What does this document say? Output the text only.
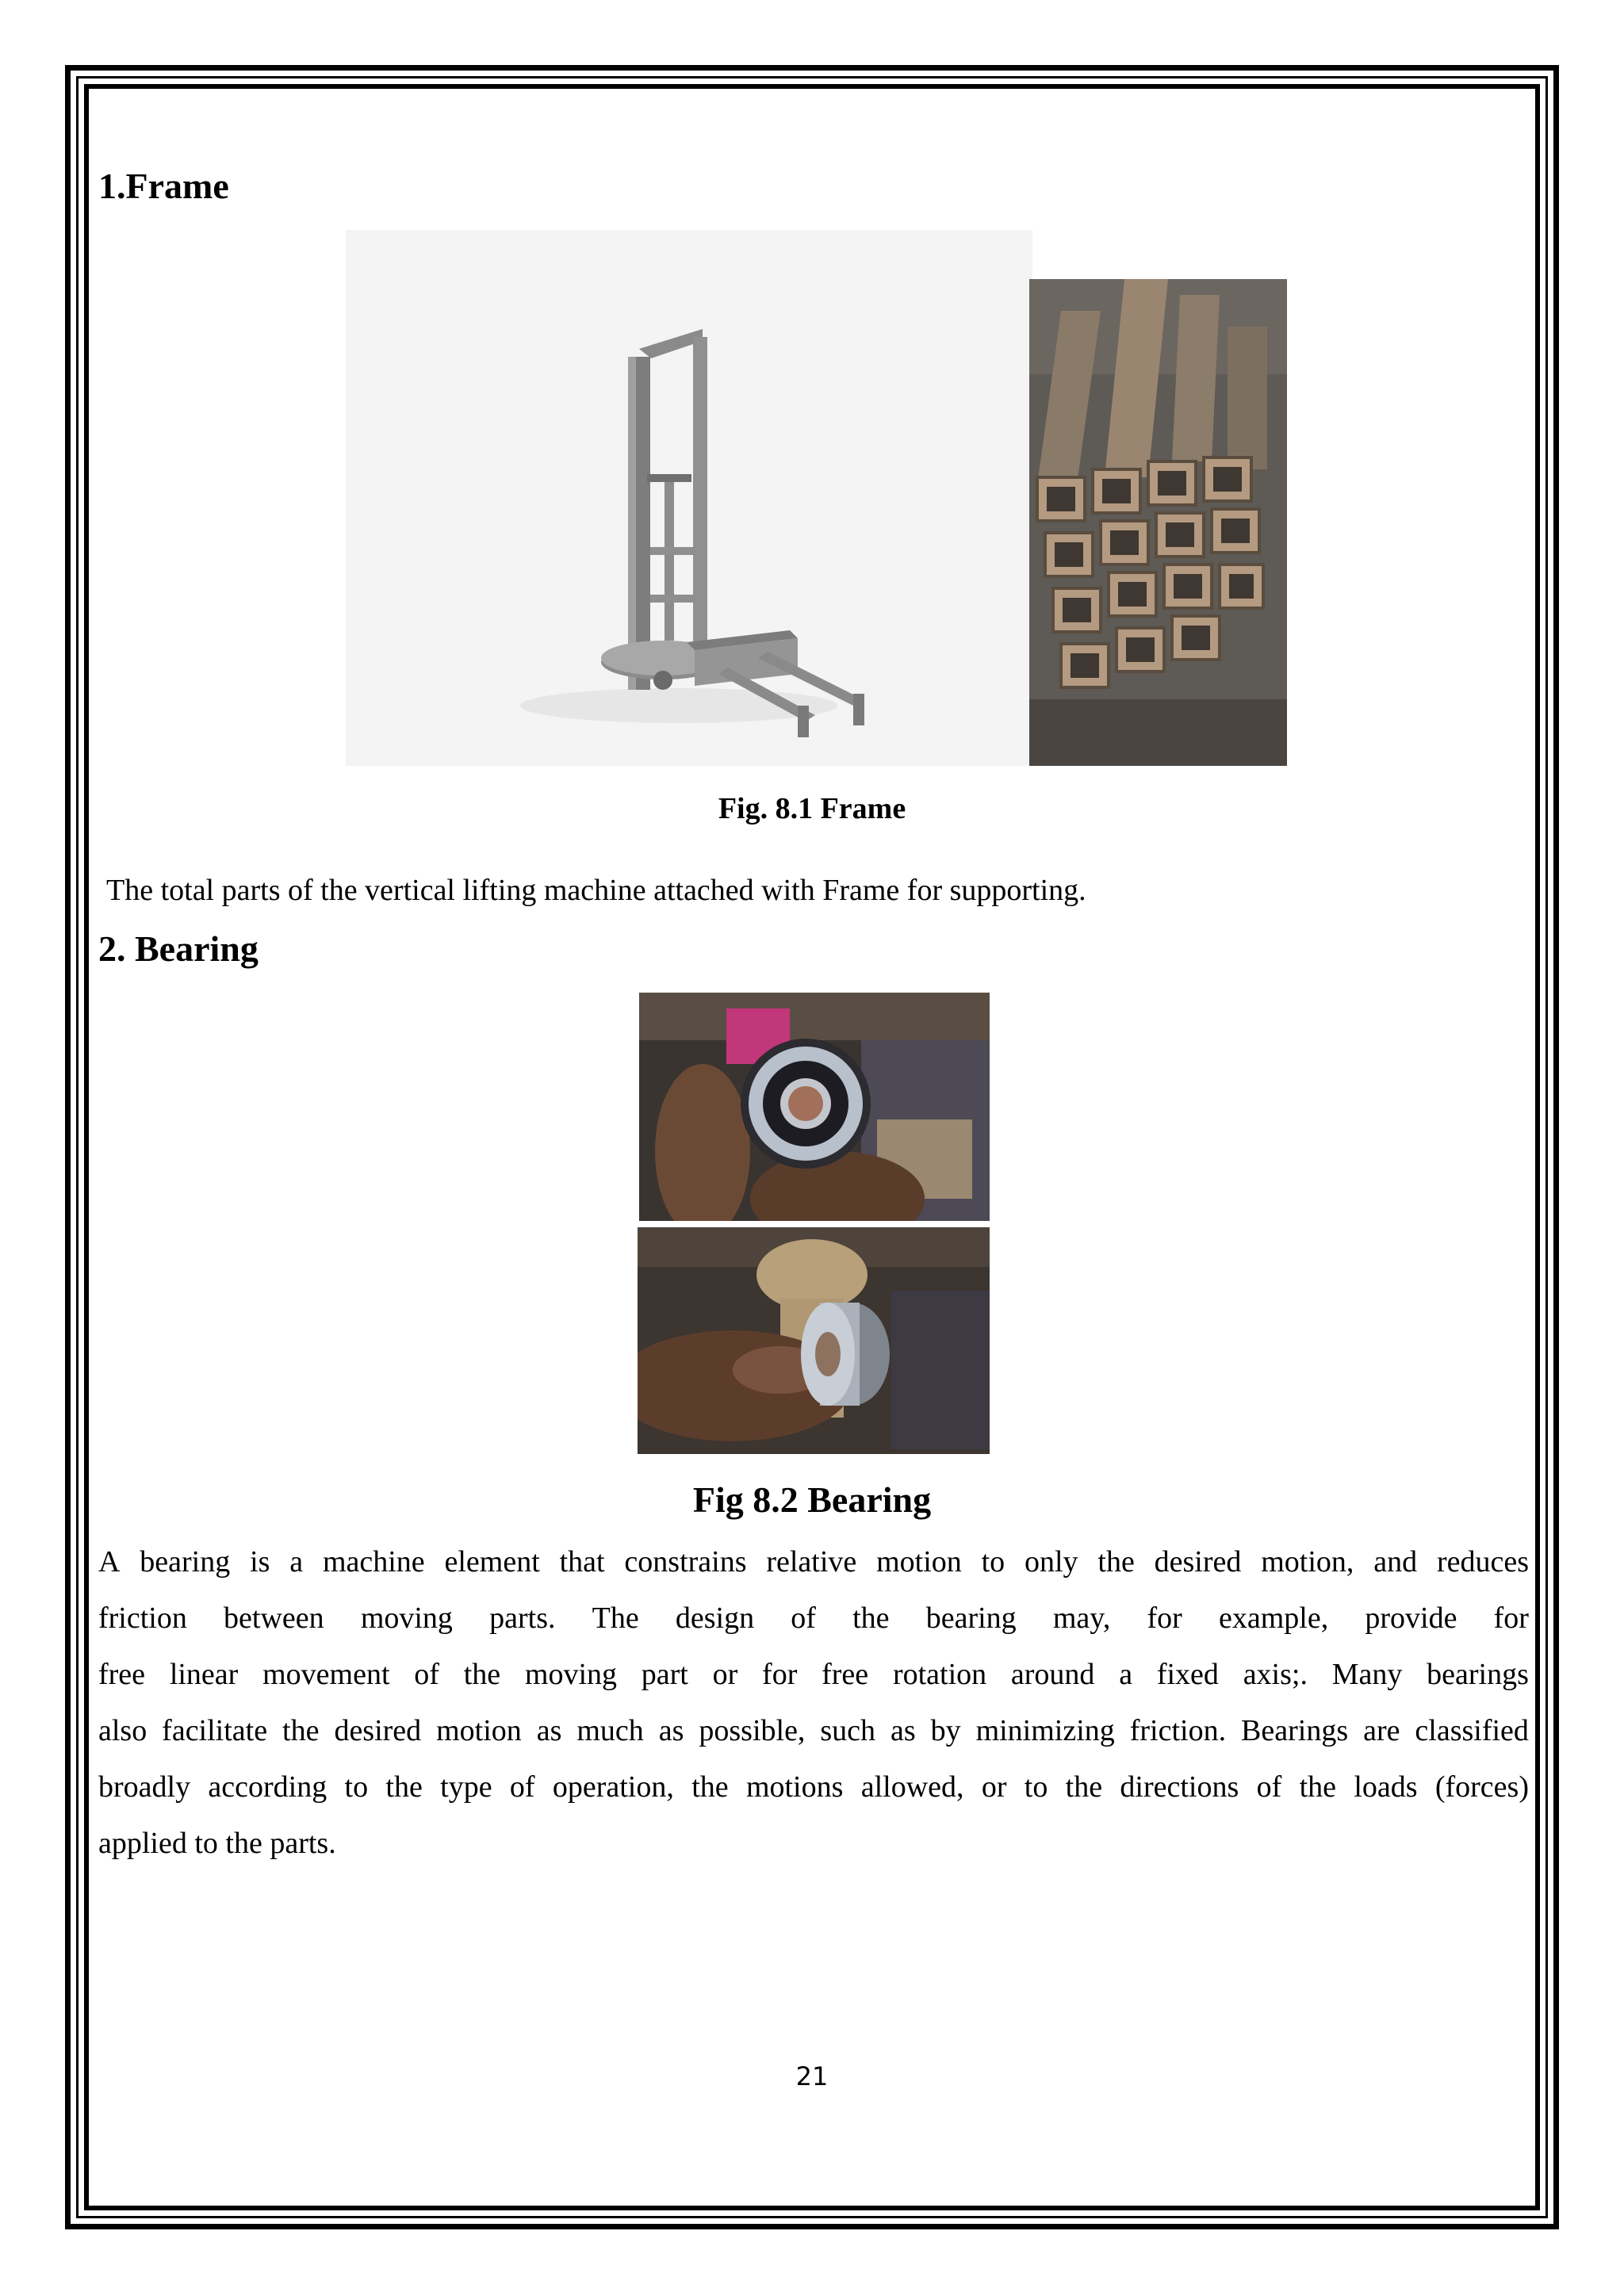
1.Frame
Fig. 8.1 Frame
The total parts of the vertical lifting machine attached with Frame for supporting.
2. Bearing
Fig 8.2 Bearing
A bearing is a machine element that constrains relative motion to only the desired motion, and reduces
friction between moving parts. The design of the bearing may, for example, provide for
free linear movement of the moving part or for free rotation around a fixed axis;. Many bearings
also facilitate the desired motion as much as possible, such as by minimizing friction. Bearings are classified
broadly according to the type of operation, the motions allowed, or to the directions of the loads (forces)
applied to the parts.
21
